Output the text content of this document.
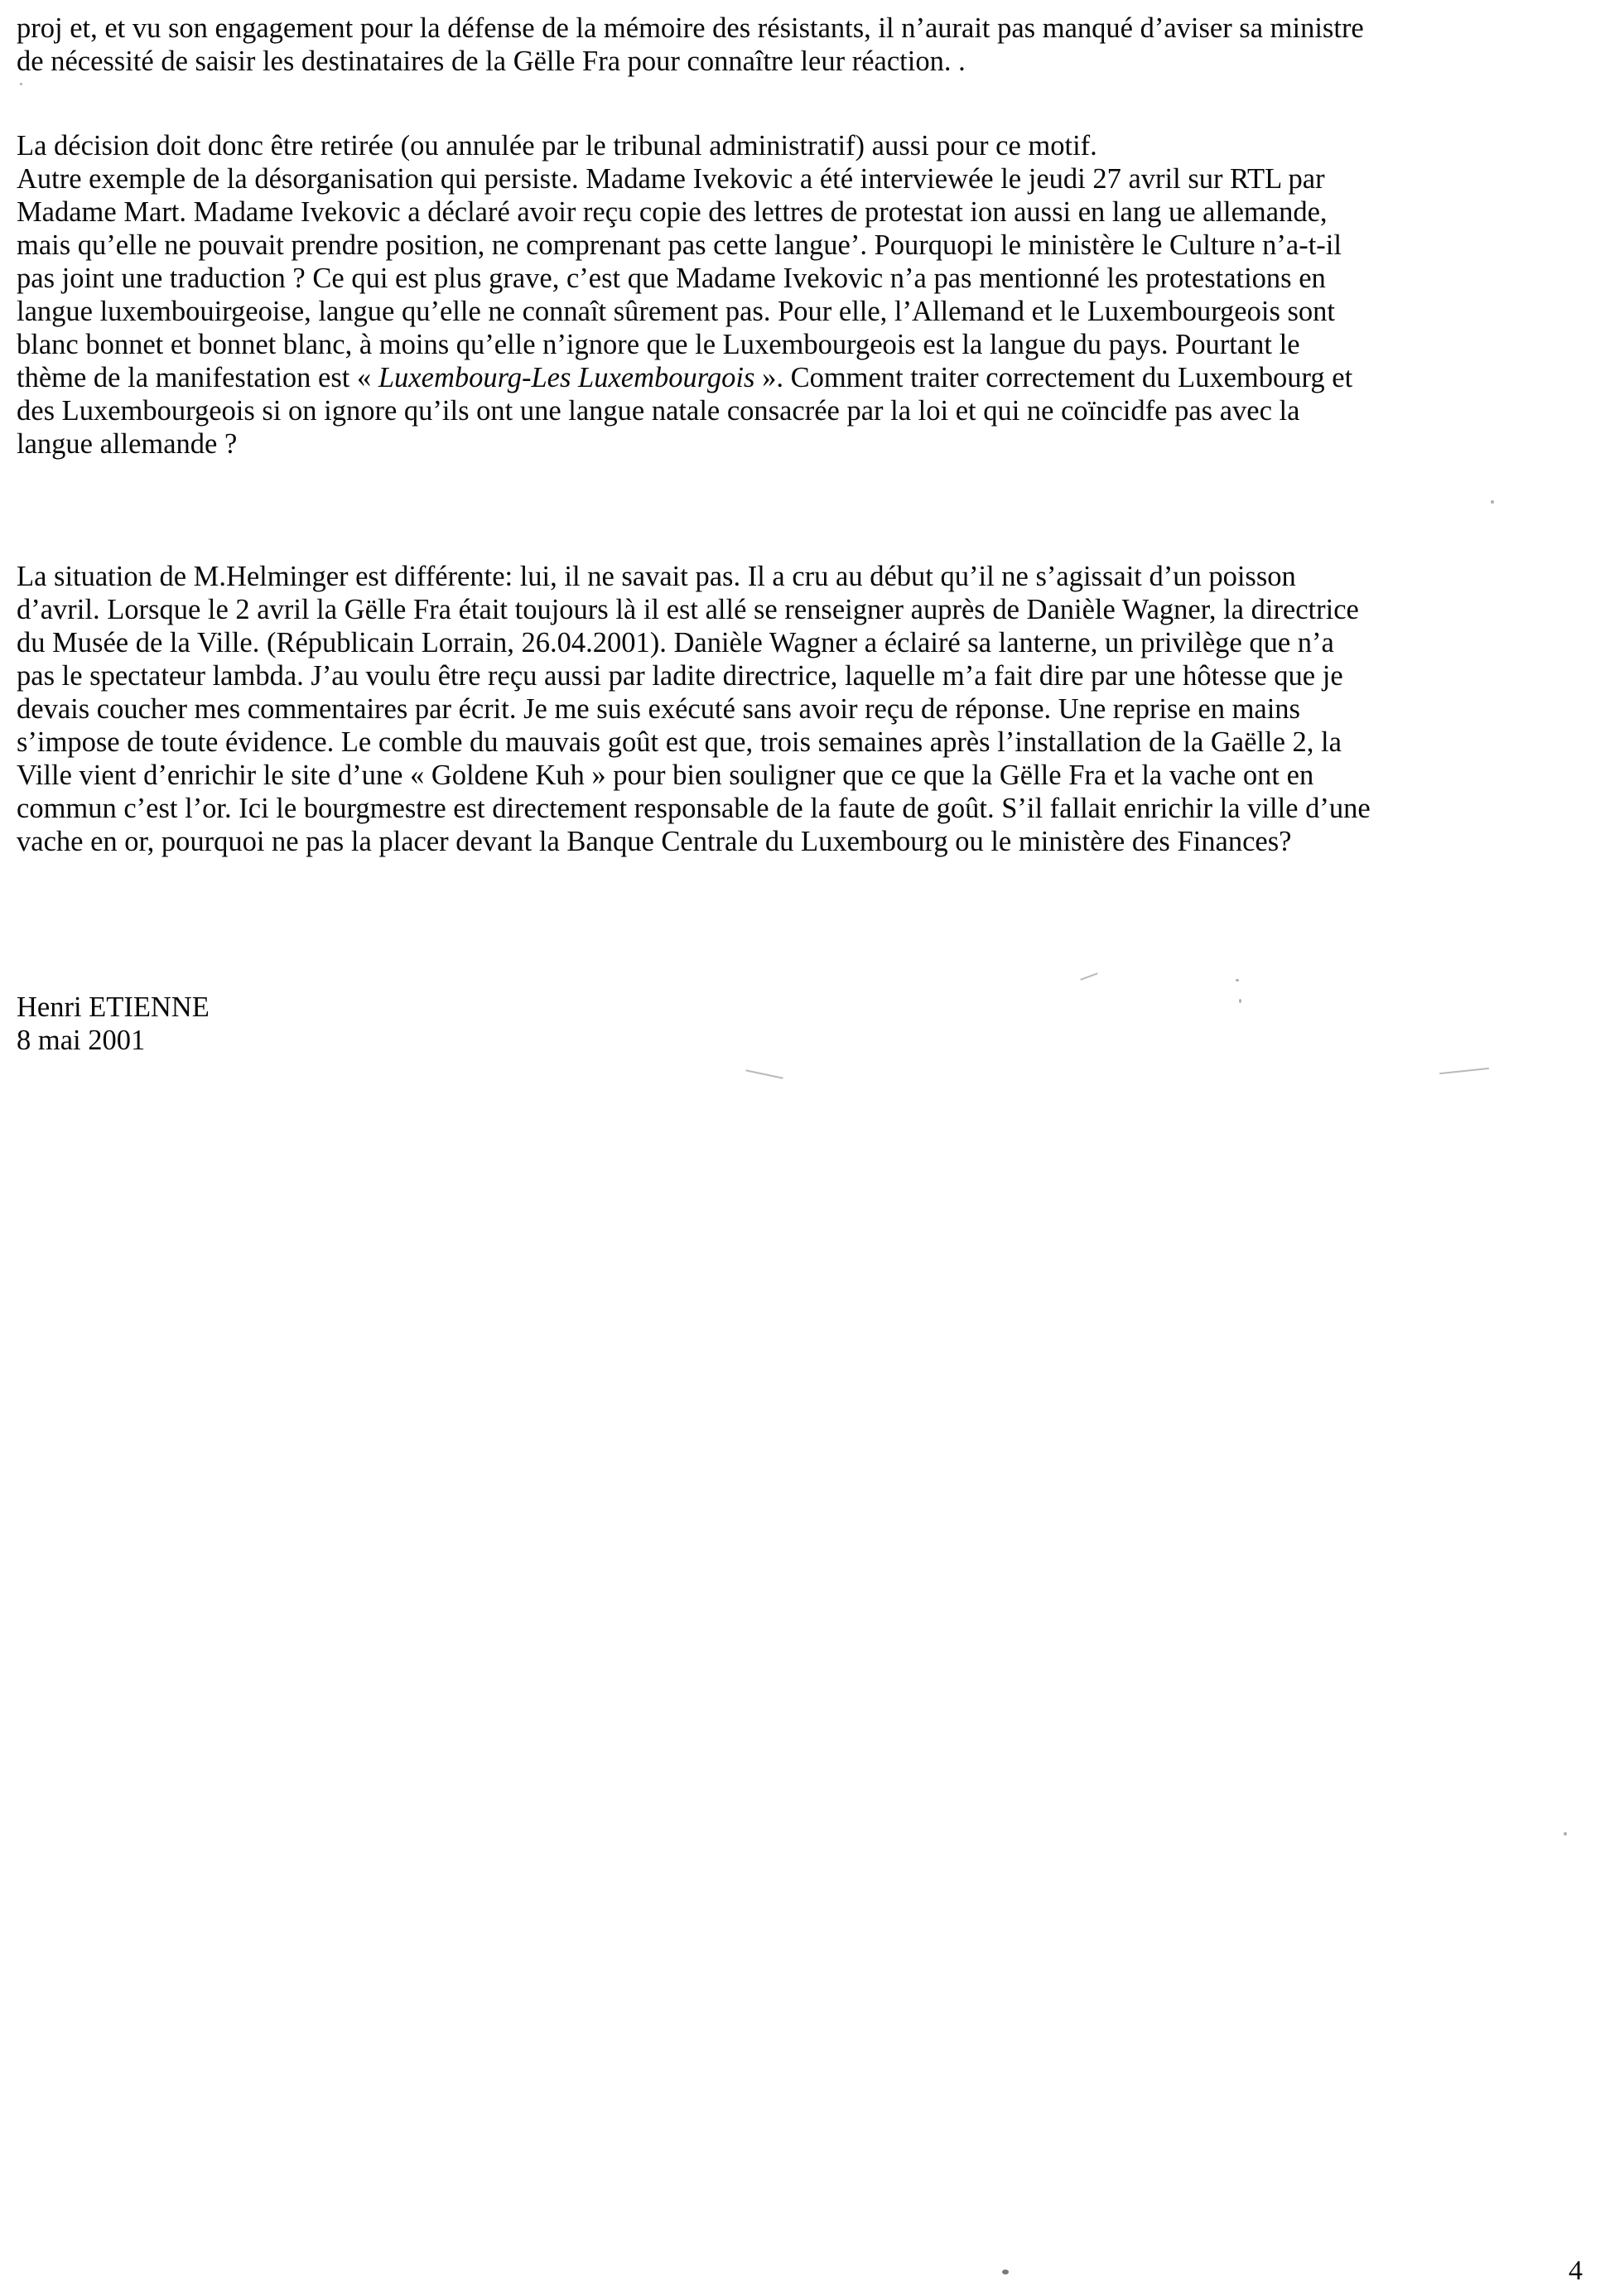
proj et, et vu son engagement pour la défense de la mémoire des résistants, il n’aurait pas manqué d’aviser sa ministre
de nécessité de saisir les destinataires de la Gëlle Fra pour connaître leur réaction. .

La décision doit donc être retirée (ou annulée par le tribunal administratif) aussi pour ce motif.
Autre exemple de la désorganisation qui persiste. Madame Ivekovic a été interviewée le jeudi 27 avril sur RTL par
Madame Mart. Madame Ivekovic a déclaré avoir reçu copie des lettres de protestat ion aussi en lang ue allemande,
mais qu’elle ne pouvait prendre position, ne comprenant pas cette langue’. Pourquopi le ministère le Culture n’a-t-il
pas joint une traduction ? Ce qui est plus grave, c’est que Madame Ivekovic n’a pas mentionné les protestations en
langue luxembouirgeoise, langue qu’elle ne connaît sûrement pas. Pour elle, l’Allemand et le Luxembourgeois sont
blanc bonnet et bonnet blanc, à moins qu’elle n’ignore que le Luxembourgeois est la langue du pays. Pourtant le
thème de la manifestation est « Luxembourg-Les Luxembourgois ». Comment traiter correctement du Luxembourg et
des Luxembourgeois si on ignore qu’ils ont une langue natale consacrée par la loi et qui ne coïncidfe pas avec la
langue allemande ?

La situation de M.Helminger est différente: lui, il ne savait pas. Il a cru au début qu’il ne s’agissait d’un poisson
d’avril. Lorsque le 2 avril la Gëlle Fra était toujours là il est allé se renseigner auprès de Danièle Wagner, la directrice
du Musée de la Ville. (Républicain Lorrain, 26.04.2001). Danièle Wagner a éclairé sa lanterne, un privilège que n’a
pas le spectateur lambda. J’au voulu être reçu aussi par ladite directrice, laquelle m’a fait dire par une hôtesse que je
devais coucher mes commentaires par écrit. Je me suis exécuté sans avoir reçu de réponse. Une reprise en mains
s’impose de toute évidence. Le comble du mauvais goût est que, trois semaines après l’installation de la Gaëlle 2, la
Ville vient d’enrichir le site d’une « Goldene Kuh » pour bien souligner que ce que la Gëlle Fra et la vache ont en
commun c’est l’or. Ici le bourgmestre est directement responsable de la faute de goût. S’il fallait enrichir la ville d’une
vache en or, pourquoi ne pas la placer devant la Banque Centrale du Luxembourg ou le ministère des Finances?

Henri ETIENNE
8 mai 2001

4
